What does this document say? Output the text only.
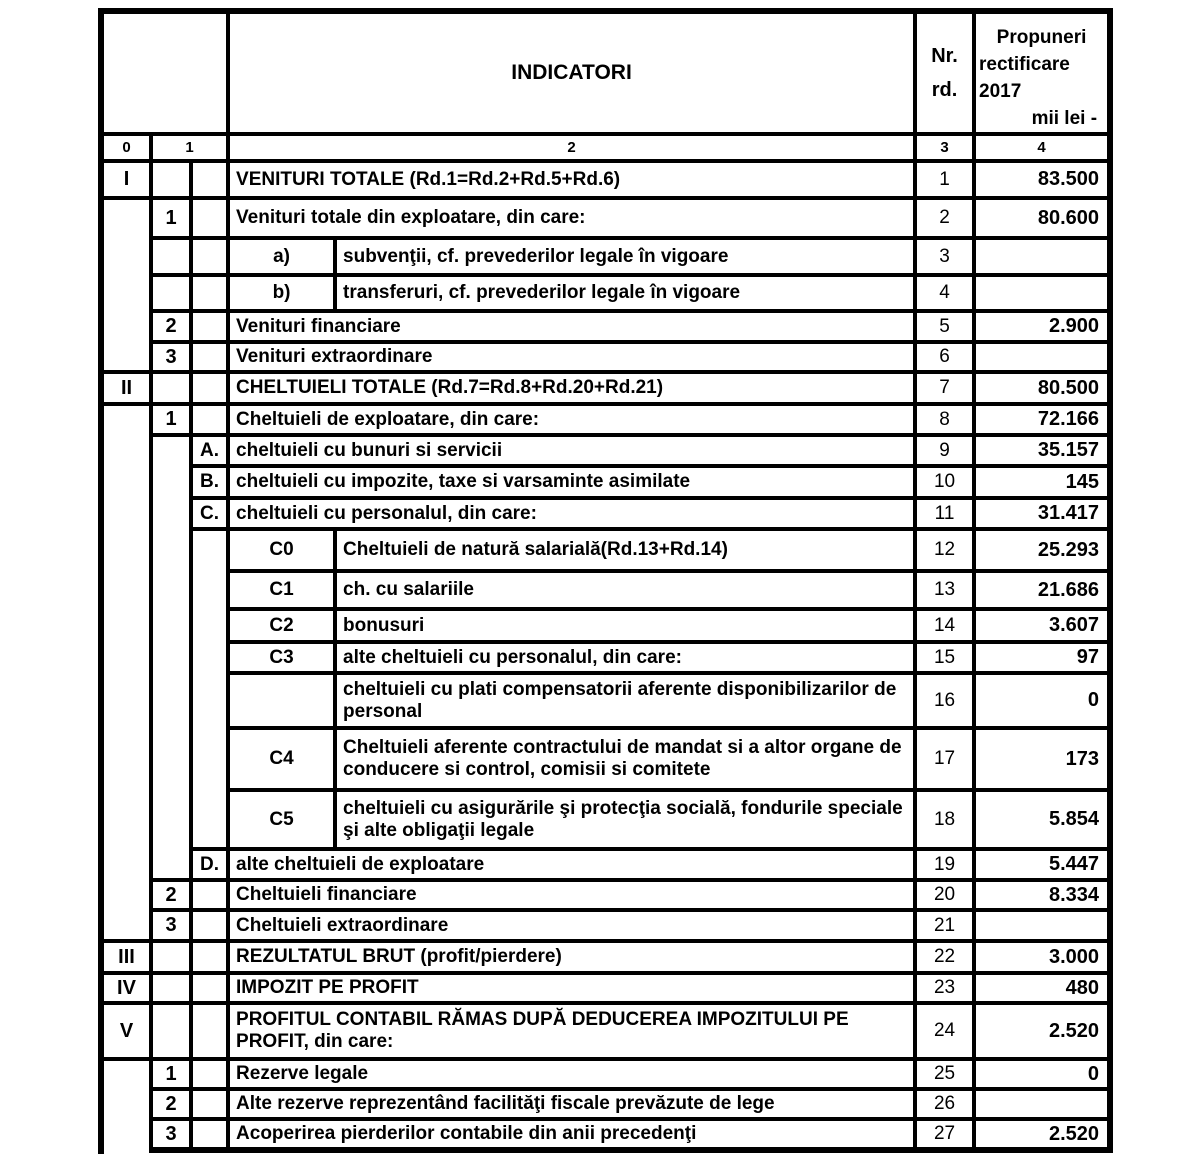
	INDICATORI	
Nr.
rd.

Propuneri
rectificare
2017
mii lei -

0	1		2		3	4
I			VENITURI TOTALE (Rd.1=Rd.2+Rd.5+Rd.6)		1	83.500
	1		Venituri totale din exploatare, din care:		2	80.600
			a)	subvenţii, cf. prevederilor legale în vigoare	3	
			b)	transferuri, cf. prevederilor legale în vigoare	4	
	2		Venituri financiare		5	2.900
	3		Venituri extraordinare		6	
II			CHELTUIELI TOTALE (Rd.7=Rd.8+Rd.20+Rd.21)		7	80.500
	1		Cheltuieli de exploatare, din care:		8	72.166
		A.	cheltuieli cu bunuri si servicii		9	35.157
		B.	cheltuieli cu impozite, taxe si varsaminte asimilate		10	145
		C.	cheltuieli cu personalul, din care:		11	31.417
			C0	Cheltuieli de natură salarială(Rd.13+Rd.14)	12	25.293
			C1	ch. cu salariile	13	21.686
			C2	bonusuri	14	3.607
			C3	alte cheltuieli cu personalul, din care:	15	97
				cheltuieli cu plati compensatorii aferente disponibilizarilor de personal	16	0
			C4	Cheltuieli aferente contractului de mandat si a altor organe de conducere si control, comisii si comitete	17	173
			C5	cheltuieli cu asigurările şi protecţia socială, fondurile speciale şi alte obligaţii legale	18	5.854
		D.	alte cheltuieli de exploatare		19	5.447
	2		Cheltuieli financiare		20	8.334
	3		Cheltuieli extraordinare		21	
III			REZULTATUL BRUT (profit/pierdere)		22	3.000
IV			IMPOZIT PE PROFIT		23	480
V			PROFITUL CONTABIL RĂMAS DUPĂ DEDUCEREA IMPOZITULUI PE PROFIT, din care:		24	2.520
	1		Rezerve legale		25	0
	2		Alte rezerve reprezentând facilităţi fiscale prevăzute de lege		26	
	3		Acoperirea pierderilor contabile din anii precedenţi		27	2.520
